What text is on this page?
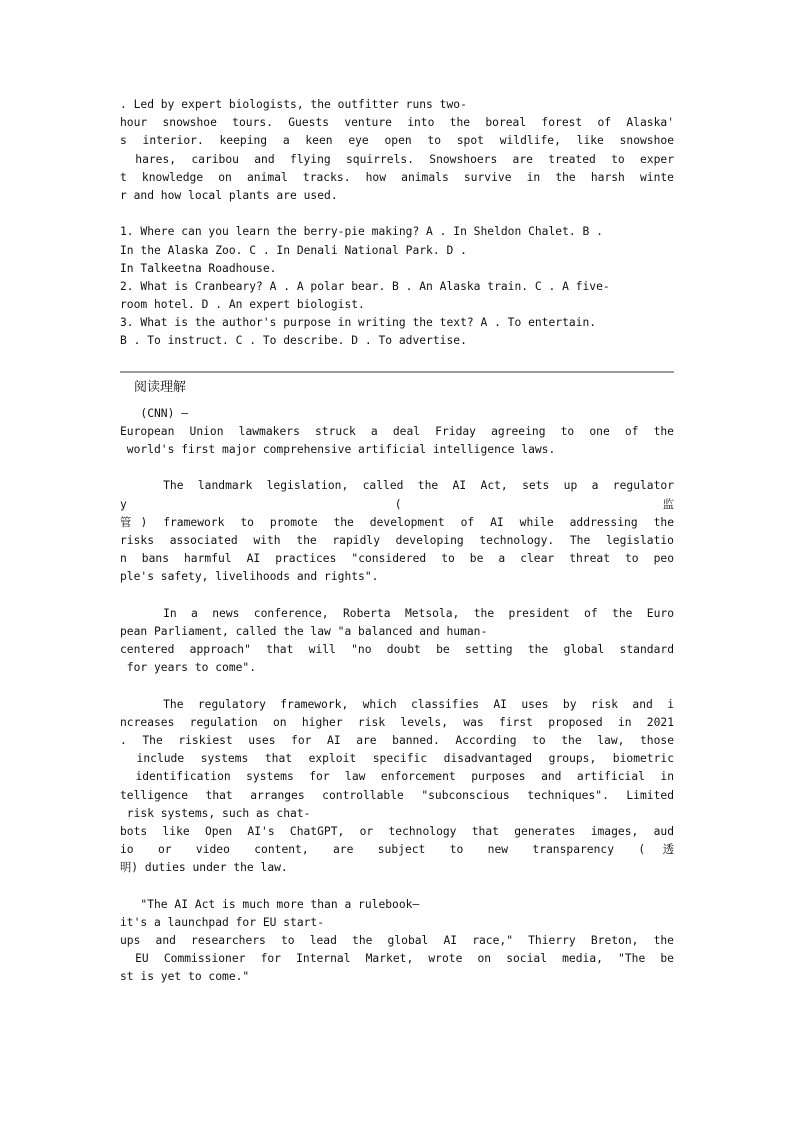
. Led by expert biologists, the outfitter runs two-
hour snowshoe tours. Guests venture into the boreal forest of Alaska'
s interior. keeping a keen eye open to spot wildlife, like snowshoe
hares, caribou and flying squirrels. Snowshoers are treated to exper
t knowledge on animal tracks. how animals survive in the harsh winte
r and how local plants are used.
1. Where can you learn the berry-pie making? A . In Sheldon Chalet. B .
In the Alaska Zoo. C . In Denali National Park. D .
In Talkeetna Roadhouse.
2. What is Cranbeary? A . A polar bear. B . An Alaska train. C . A five-
room hotel. D . An expert biologist.
3. What is the author's purpose in writing the text? A . To entertain.
B . To instruct. C . To describe. D . To advertise.
阅读理解
(CNN) —
European Union lawmakers struck a deal Friday agreeing to one of the
world's first major comprehensive artificial intelligence laws.
The landmark legislation, called the AI Act, sets up a regulator
y (监
管) framework to promote the development of AI while addressing the
risks associated with the rapidly developing technology. The legislatio
n bans harmful AI practices "considered to be a clear threat to peo
ple's safety, livelihoods and rights".
In a news conference, Roberta Metsola, the president of the Euro
pean Parliament, called the law "a balanced and human-
centered approach" that will "no doubt be setting the global standard
for years to come".
The regulatory framework, which classifies AI uses by risk and i
ncreases regulation on higher risk levels, was first proposed in 2021
. The riskiest uses for AI are banned. According to the law, those
include systems that exploit specific disadvantaged groups, biometric
identification systems for law enforcement purposes and artificial in
telligence that arranges controllable "subconscious techniques". Limited
risk systems, such as chat-
bots like Open AI's ChatGPT, or technology that generates images, aud
io or video content, are subject to new transparency (透
明) duties under the law.
"The AI Act is much more than a rulebook—
it's a launchpad for EU start-
ups and researchers to lead the global AI race," Thierry Breton, the
EU Commissioner for Internal Market, wrote on social media, "The be
st is yet to come."
